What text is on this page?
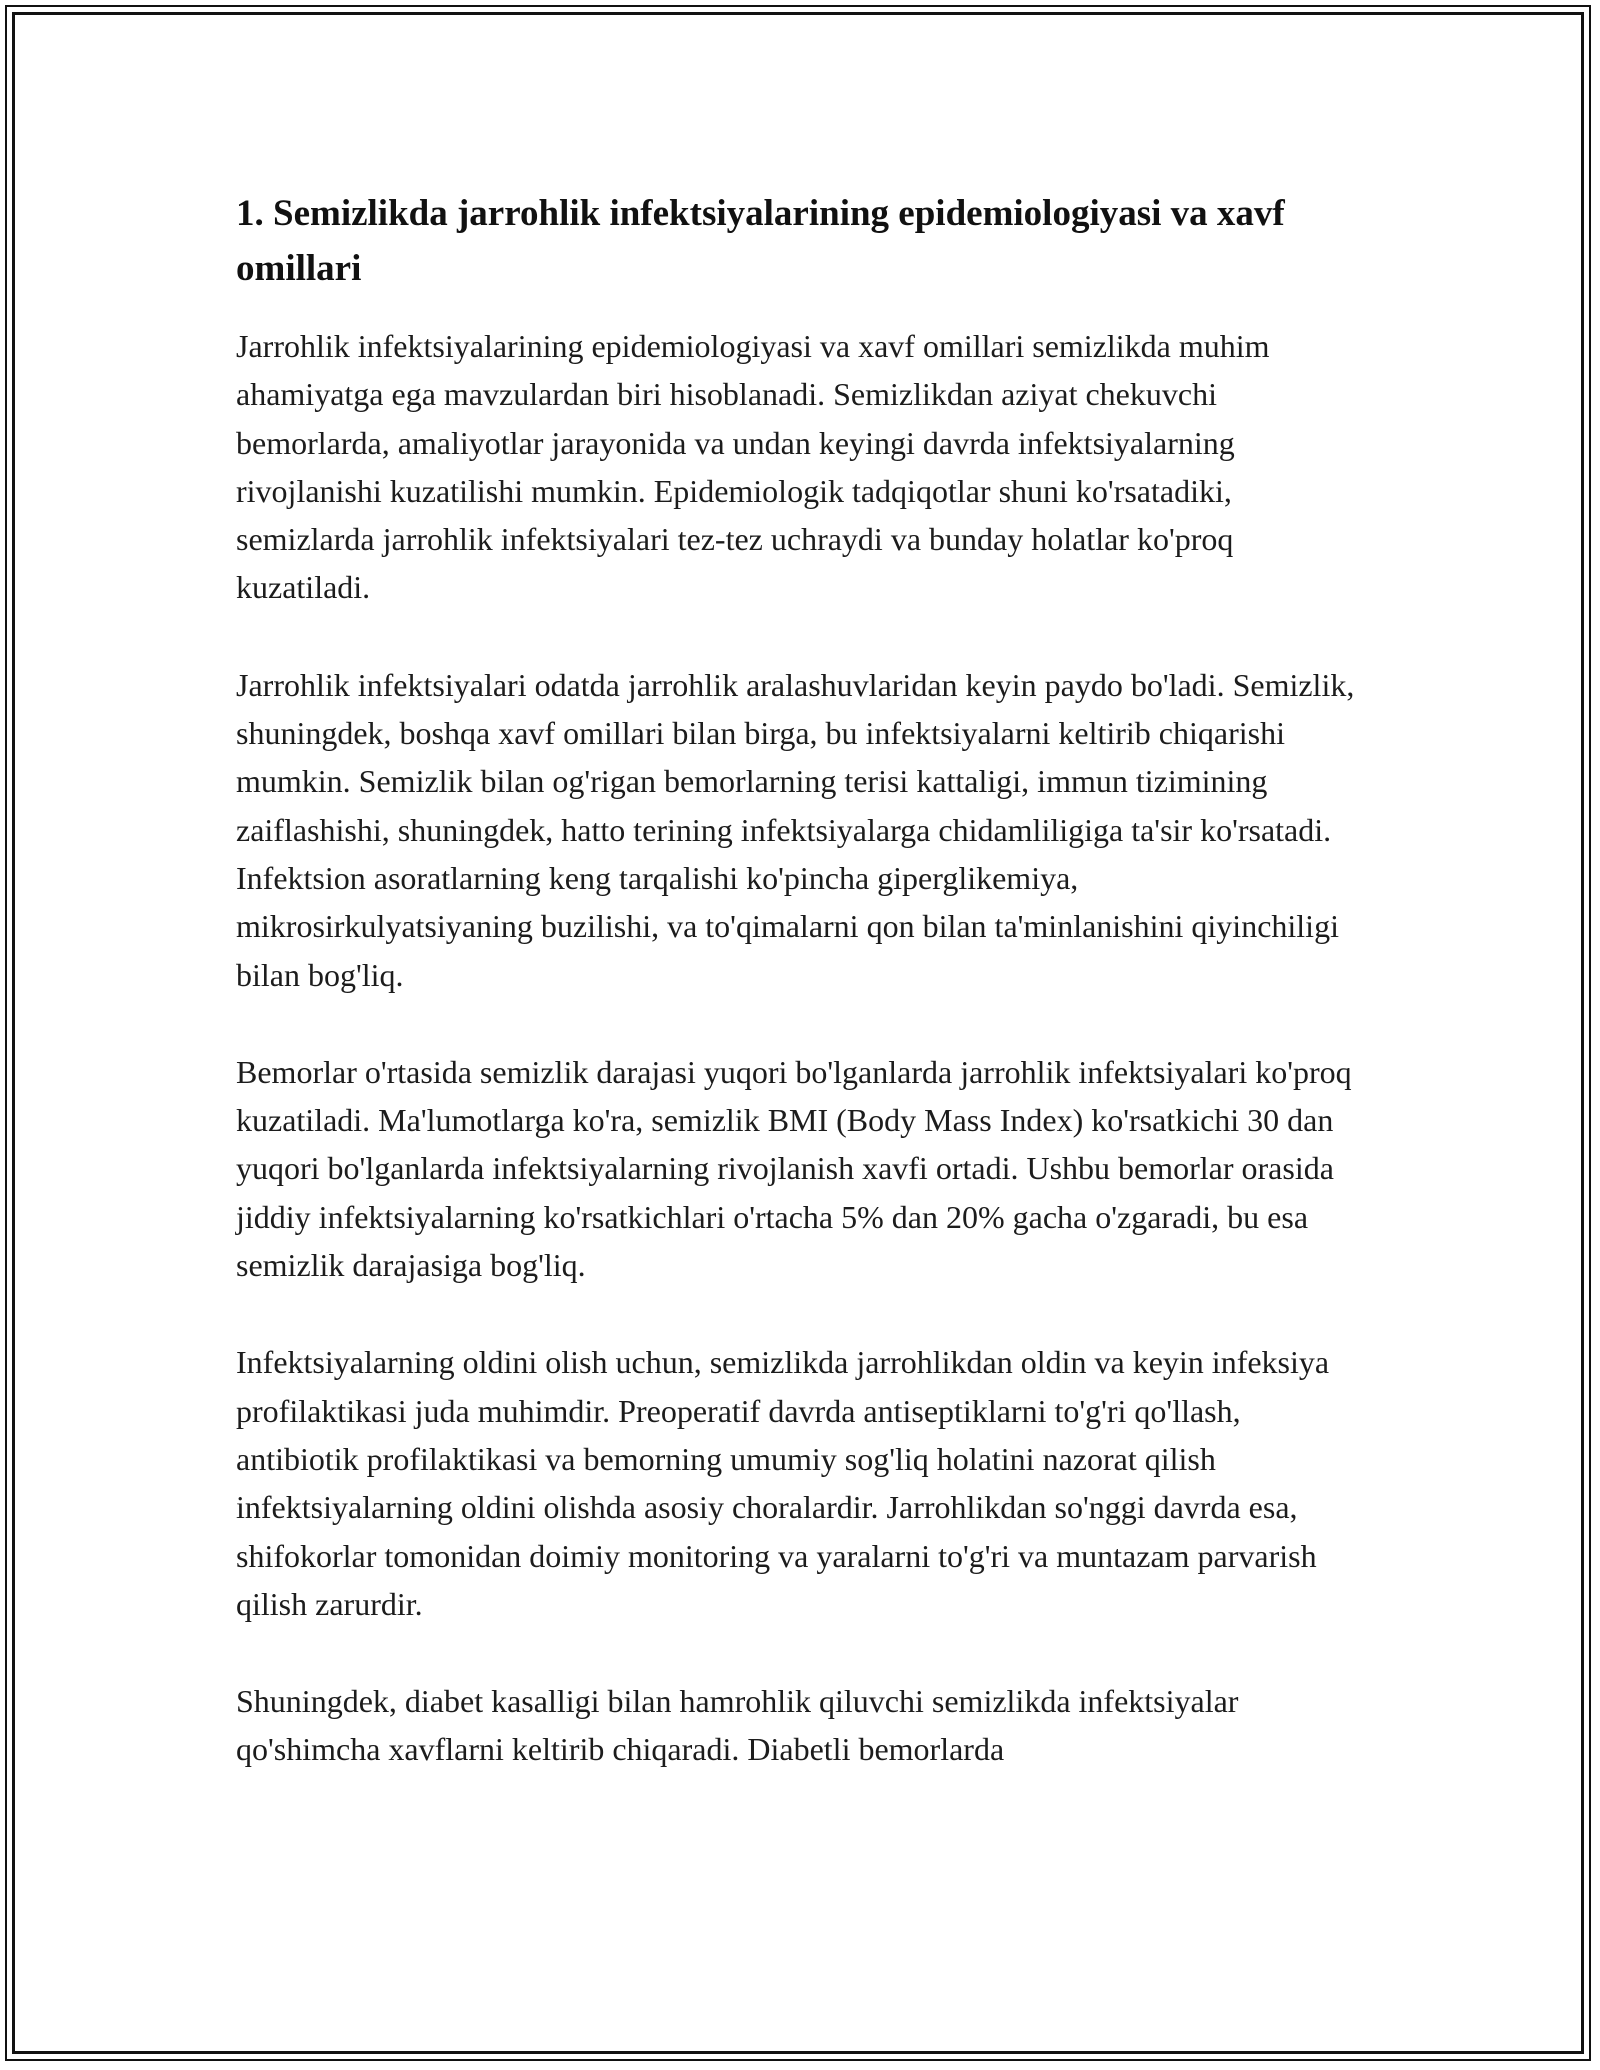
1. Semizlikda jarrohlik infektsiyalarining epidemiologiyasi va xavf omillari

Jarrohlik infektsiyalarining epidemiologiyasi va xavf omillari semizlikda muhim ahamiyatga ega mavzulardan biri hisoblanadi. Semizlikdan aziyat chekuvchi bemorlarda, amaliyotlar jarayonida va undan keyingi davrda infektsiyalarning rivojlanishi kuzatilishi mumkin. Epidemiologik tadqiqotlar shuni ko'rsatadiki, semizlarda jarrohlik infektsiyalari tez-tez uchraydi va bunday holatlar ko'proq kuzatiladi.

Jarrohlik infektsiyalari odatda jarrohlik aralashuvlaridan keyin paydo bo'ladi. Semizlik, shuningdek, boshqa xavf omillari bilan birga, bu infektsiyalarni keltirib chiqarishi mumkin. Semizlik bilan og'rigan bemorlarning terisi kattaligi, immun tizimining zaiflashishi, shuningdek, hatto terining infektsiyalarga chidamliligiga ta'sir ko'rsatadi. Infektsion asoratlarning keng tarqalishi ko'pincha giperglikemiya, mikrosirkulyatsiyaning buzilishi, va to'qimalarni qon bilan ta'minlanishini qiyinchiligi bilan bog'liq.

Bemorlar o'rtasida semizlik darajasi yuqori bo'lganlarda jarrohlik infektsiyalari ko'proq kuzatiladi. Ma'lumotlarga ko'ra, semizlik BMI (Body Mass Index) ko'rsatkichi 30 dan yuqori bo'lganlarda infektsiyalarning rivojlanish xavfi ortadi. Ushbu bemorlar orasida jiddiy infektsiyalarning ko'rsatkichlari o'rtacha 5% dan 20% gacha o'zgaradi, bu esa semizlik darajasiga bog'liq.

Infektsiyalarning oldini olish uchun, semizlikda jarrohlikdan oldin va keyin infeksiya profilaktikasi juda muhimdir. Preoperatif davrda antiseptiklarni to'g'ri qo'llash, antibiotik profilaktikasi va bemorning umumiy sog'liq holatini nazorat qilish infektsiyalarning oldini olishda asosiy choralardir. Jarrohlikdan so'nggi davrda esa, shifokorlar tomonidan doimiy monitoring va yaralarni to'g'ri va muntazam parvarish qilish zarurdir.

Shuningdek, diabet kasalligi bilan hamrohlik qiluvchi semizlikda infektsiyalar qo'shimcha xavflarni keltirib chiqaradi. Diabetli bemorlarda
